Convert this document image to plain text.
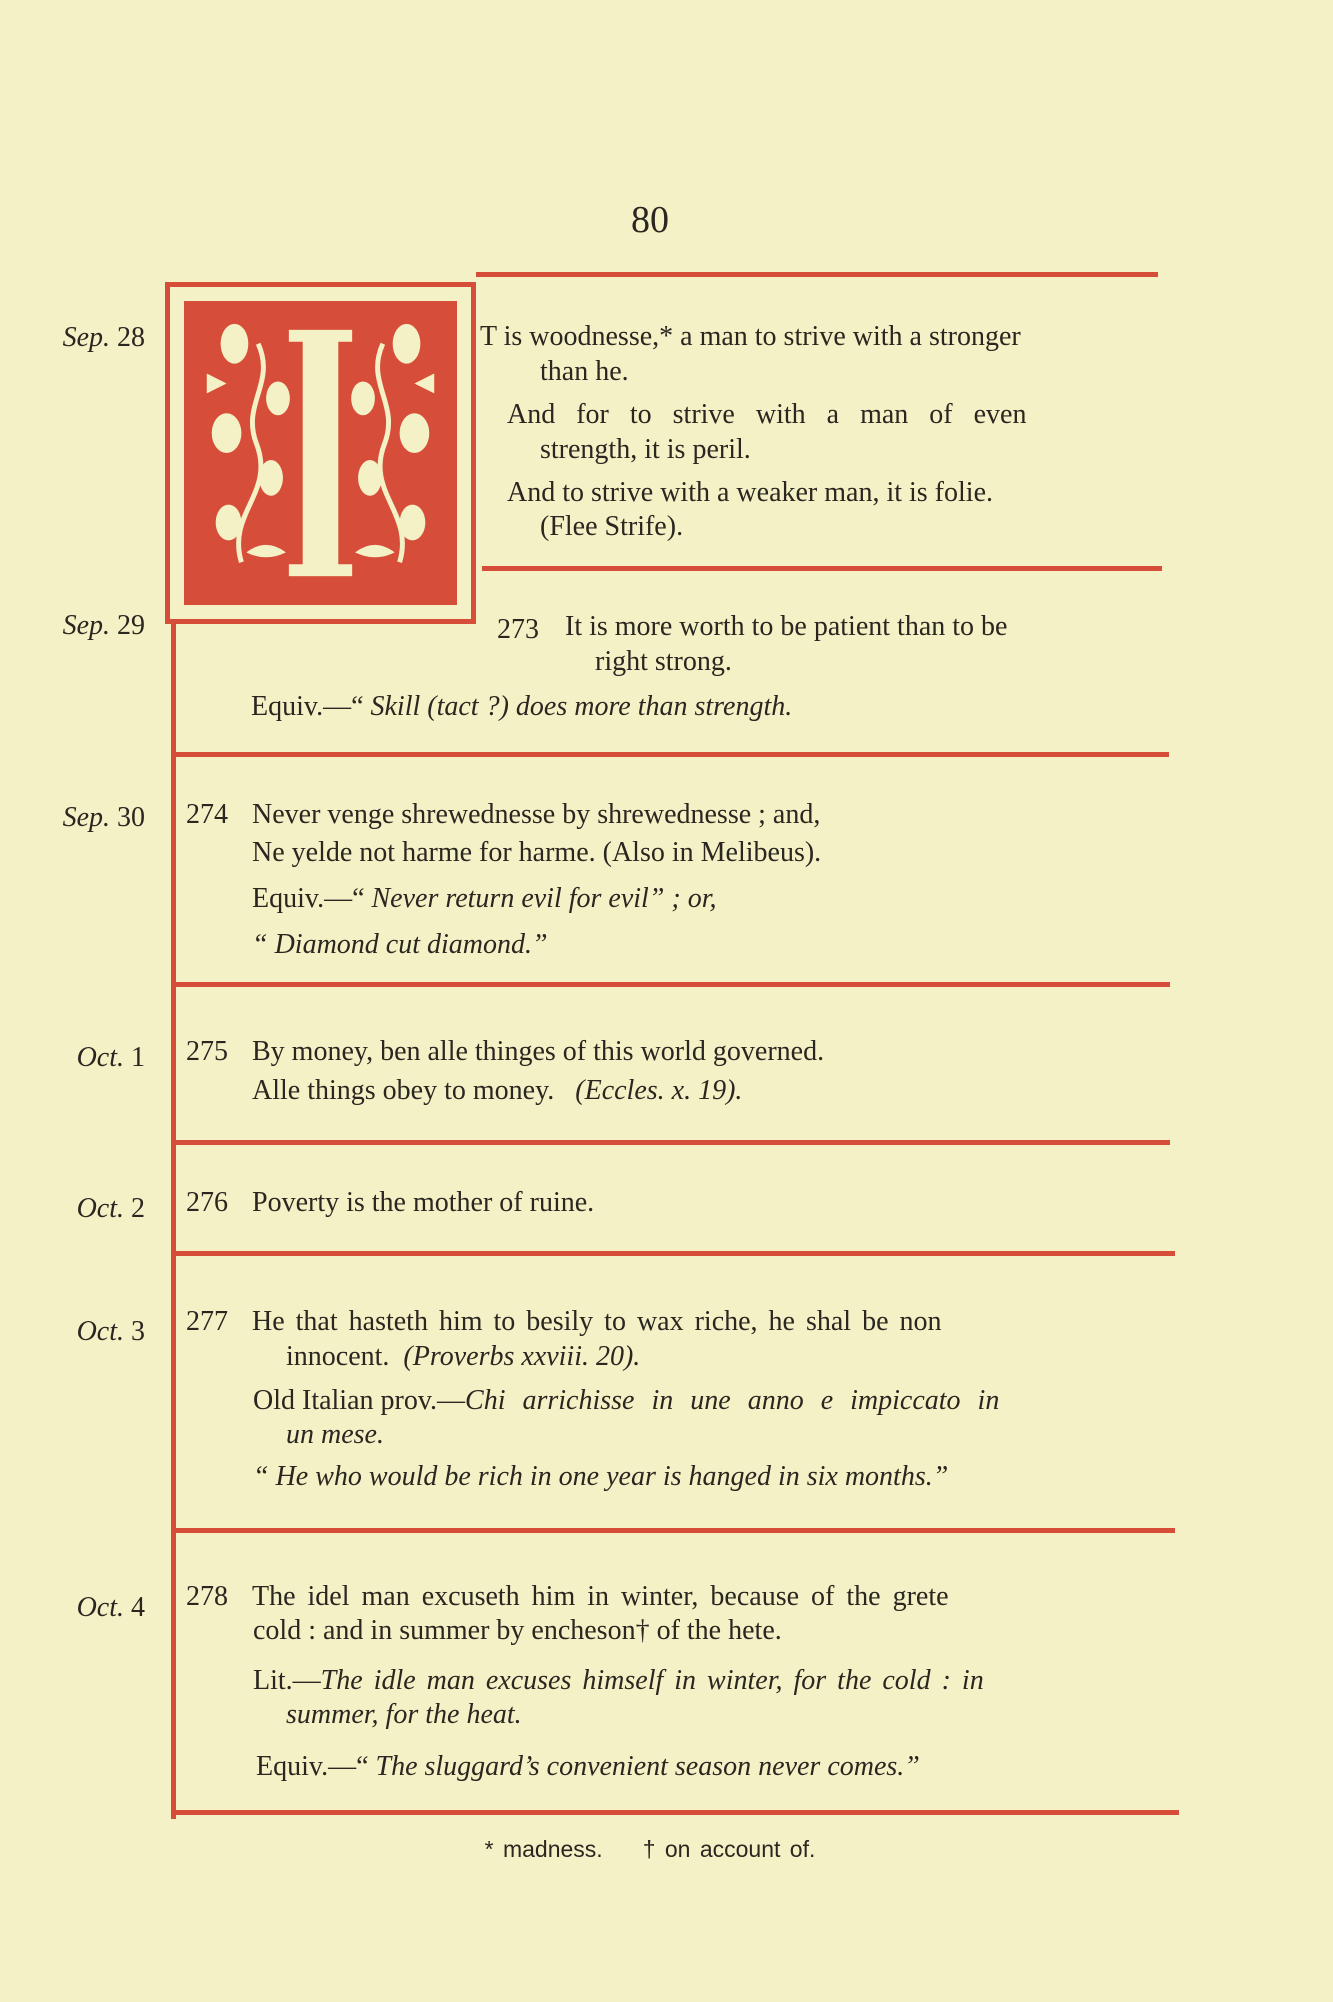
80
Sep. 28
Sep. 29
Sep. 30
Oct. 1
Oct. 2
Oct. 3
Oct. 4
T is woodnesse,* a man to strive with a stronger
than he.
And for to strive with a man of even
strength, it is peril.
And to strive with a weaker man, it is folie.
(Flee Strife).
273 It is more worth to be patient than to be
right strong.
Equiv.—“ Skill (tact ?) does more than strength.
274 Never venge shrewednesse by shrewednesse ; and,
Ne yelde not harme for harme. (Also in Melibeus).
Equiv.—“ Never return evil for evil” ; or,
“ Diamond cut diamond.”
275 By money, ben alle thinges of this world governed.
Alle things obey to money. (Eccles. x. 19).
276 Poverty is the mother of ruine.
277 He that hasteth him to besily to wax riche, he shal be non
innocent. (Proverbs xxviii. 20).
Old Italian prov.—Chi arrichisse in une anno e impiccato in
un mese.
“ He who would be rich in one year is hanged in six months.”
278 The idel man excuseth him in winter, because of the grete
cold : and in summer by encheson† of the hete.
Lit.—The idle man excuses himself in winter, for the cold : in
summer, for the heat.
Equiv.—“ The sluggard’s convenient season never comes.”
* madness. † on account of.
